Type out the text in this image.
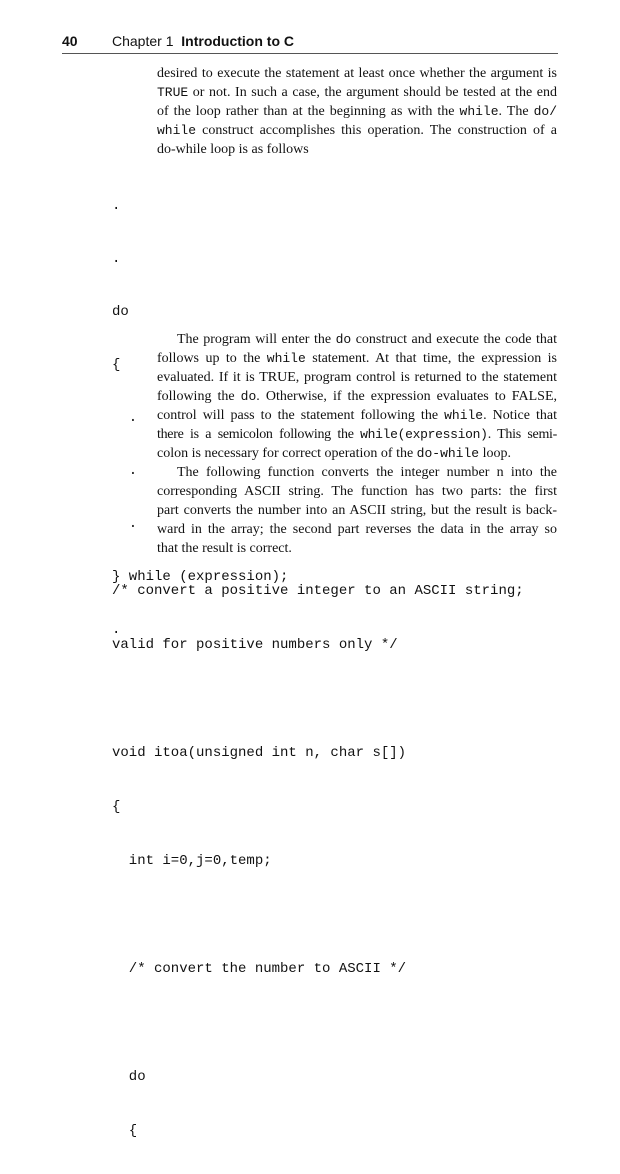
40 Chapter 1 Introduction to C
desired to execute the statement at least once whether the argument is
TRUE or not. In such a case, the argument should be tested at the end
of the loop rather than at the beginning as with the while. The do/
while construct accomplishes this operation. The construction of a
do-while loop is as follows

.

.

do

{

.

.

.

} while (expression);

.

The program will enter the do construct and execute the code that
follows up to the while statement. At that time, the expression is
evaluated. If it is TRUE, program control is returned to the statement
following the do. Otherwise, if the expression evaluates to FALSE,
control will pass to the statement following the while. Notice that
there is a semicolon following the while(expression). This semi-
colon is necessary for correct operation of the do-while loop.
The following function converts the integer number n into the
corresponding ASCII string. The function has two parts: the first
part converts the number into an ASCII string, but the result is back-
ward in the array; the second part reverses the data in the array so
that the result is correct.

/* convert a positive integer to an ASCII string;

valid for positive numbers only */

void itoa(unsigned int n, char s[])

{

int i=0,j=0,temp;

/* convert the number to ASCII */

do

{
